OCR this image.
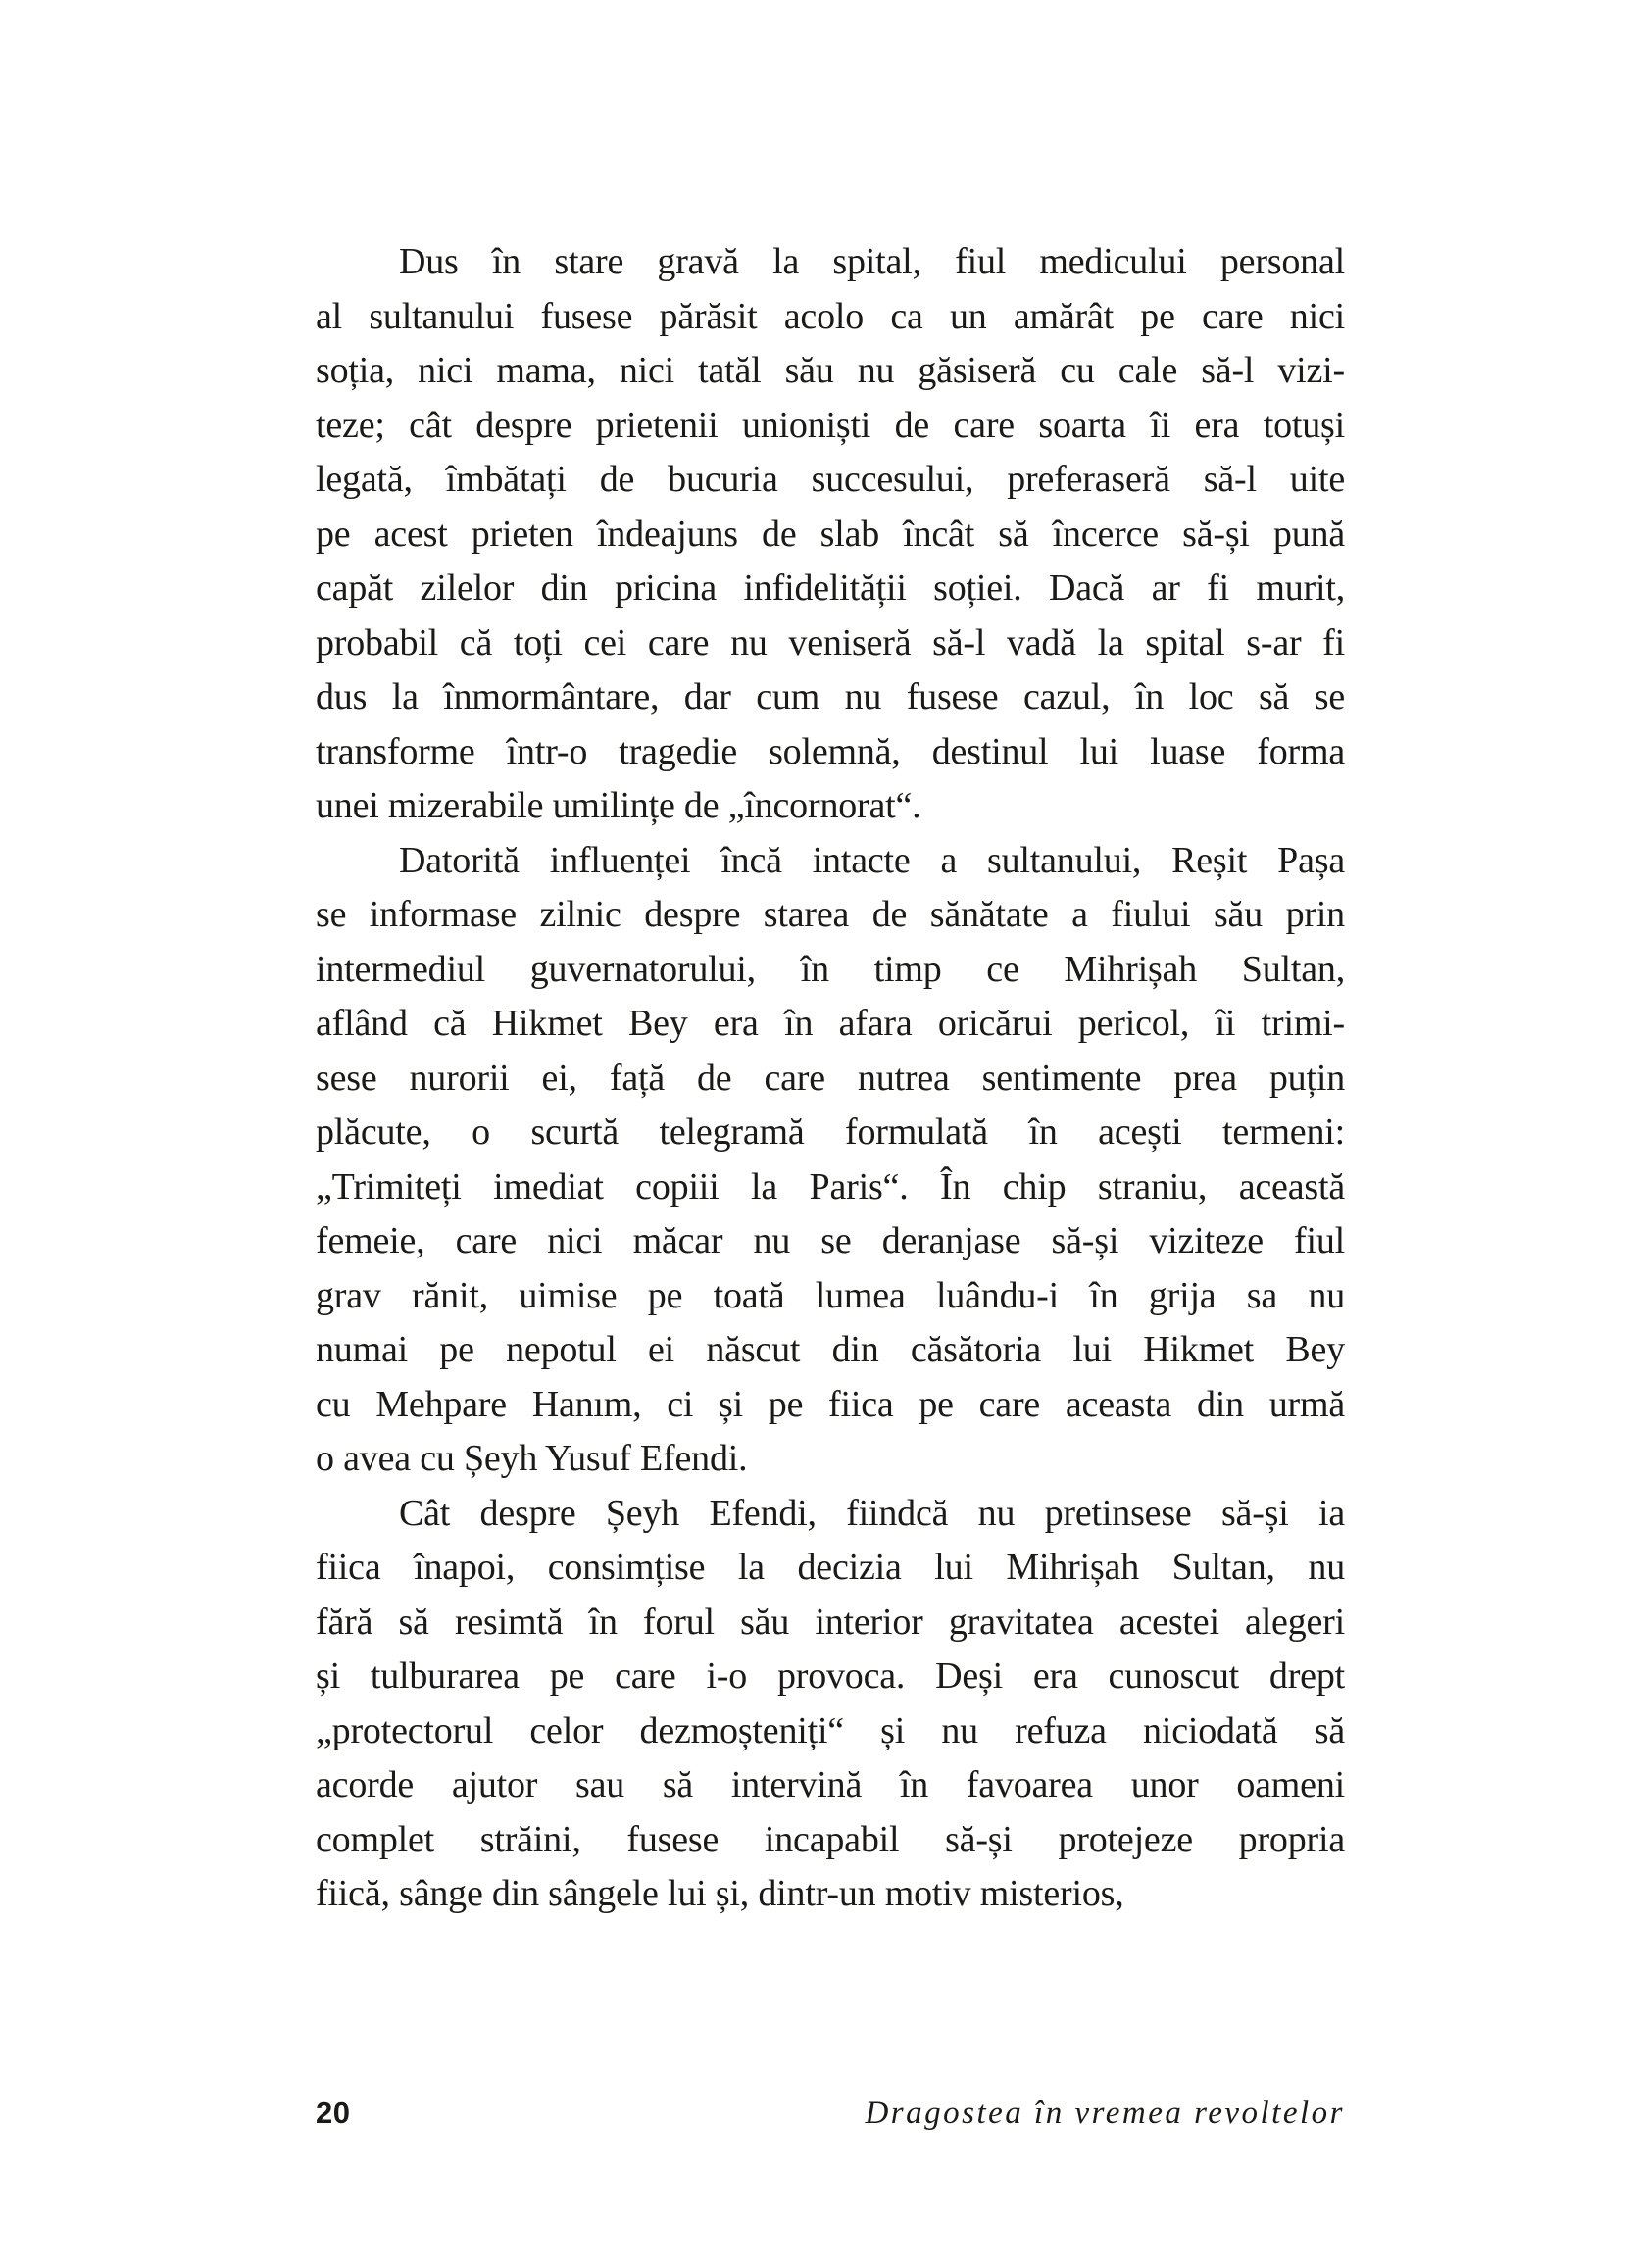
Dus în stare gravă la spital, fiul medicului personal
al sultanului fusese părăsit acolo ca un amărât pe care nici
soția, nici mama, nici tatăl său nu găsiseră cu cale să-l vizi-
teze; cât despre prietenii unioniști de care soarta îi era totuși
legată, îmbătați de bucuria succesului, preferaseră să-l uite
pe acest prieten îndeajuns de slab încât să încerce să-și pună
capăt zilelor din pricina infidelității soției. Dacă ar fi murit,
probabil că toți cei care nu veniseră să-l vadă la spital s-ar fi
dus la înmormântare, dar cum nu fusese cazul, în loc să se
transforme într-o tragedie solemnă, destinul lui luase forma
unei mizerabile umilințe de „încornorat“.
Datorită influenței încă intacte a sultanului, Reșit Pașa
se informase zilnic despre starea de sănătate a fiului său prin
intermediul guvernatorului, în timp ce Mihrișah Sultan,
aflând că Hikmet Bey era în afara oricărui pericol, îi trimi-
sese nurorii ei, față de care nutrea sentimente prea puțin
plăcute, o scurtă telegramă formulată în acești termeni:
„Trimiteți imediat copiii la Paris“. În chip straniu, această
femeie, care nici măcar nu se deranjase să-și viziteze fiul
grav rănit, uimise pe toată lumea luându-i în grija sa nu
numai pe nepotul ei născut din căsătoria lui Hikmet Bey
cu Mehpare Hanım, ci și pe fiica pe care aceasta din urmă
o avea cu Șeyh Yusuf Efendi.
Cât despre Șeyh Efendi, fiindcă nu pretinsese să-și ia
fiica înapoi, consimțise la decizia lui Mihrișah Sultan, nu
fără să resimtă în forul său interior gravitatea acestei alegeri
și tulburarea pe care i-o provoca. Deși era cunoscut drept
„protectorul celor dezmoșteniți“ și nu refuza niciodată să
acorde ajutor sau să intervină în favoarea unor oameni
complet străini, fusese incapabil să-și protejeze propria
fiică, sânge din sângele lui și, dintr-un motiv misterios,
20	Dragostea în vremea revoltelor
